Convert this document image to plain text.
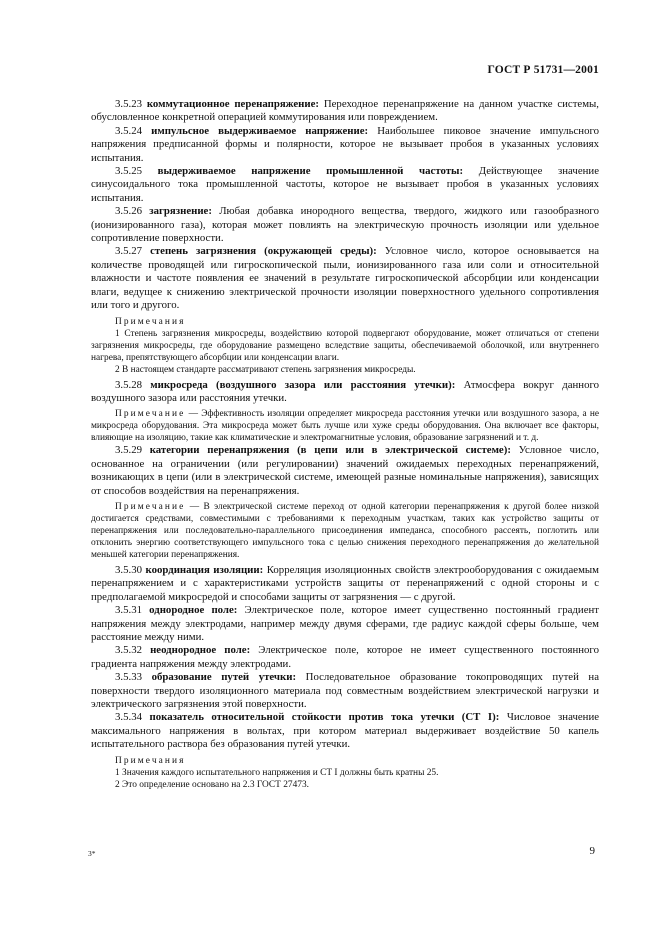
ГОСТ Р 51731—2001

3.5.23 коммутационное перенапряжение: Переходное перенапряжение на данном участке системы, обусловленное конкретной операцией коммутирования или повреждением.

3.5.24 импульсное выдерживаемое напряжение: Наибольшее пиковое значение импульсного напряжения предписанной формы и полярности, которое не вызывает пробоя в указанных условиях испытания.

3.5.25 выдерживаемое напряжение промышленной частоты: Действующее значение синусоидального тока промышленной частоты, которое не вызывает пробоя в указанных условиях испытания.

3.5.26 загрязнение: Любая добавка инородного вещества, твердого, жидкого или газообразного (ионизированного газа), которая может повлиять на электрическую прочность изоляции или удельное сопротивление поверхности.

3.5.27 степень загрязнения (окружающей среды): Условное число, которое основывается на количестве проводящей или гигроскопической пыли, ионизированного газа или соли и относительной влажности и частоте появления ее значений в результате гигроскопической абсорбции или конденсации влаги, ведущее к снижению электрической прочности изоляции поверхностного удельного сопротивления или того и другого.

Примечания

1 Степень загрязнения микросреды, воздействию которой подвергают оборудование, может отличаться от степени загрязнения микросреды, где оборудование размещено вследствие защиты, обеспечиваемой оболочкой, или внутреннего нагрева, препятствующего абсорбции или конденсации влаги.

2 В настоящем стандарте рассматривают степень загрязнения микросреды.

3.5.28 микросреда (воздушного зазора или расстояния утечки): Атмосфера вокруг данного воздушного зазора или расстояния утечки.

Примечание — Эффективность изоляции определяет микросреда расстояния утечки или воздушного зазора, а не микросреда оборудования. Эта микросреда может быть лучше или хуже среды оборудования. Она включает все факторы, влияющие на изоляцию, такие как климатические и электромагнитные условия, образование загрязнений и т. д.

3.5.29 категории перенапряжения (в цепи или в электрической системе): Условное число, основанное на ограничении (или регулировании) значений ожидаемых переходных перенапряжений, возникающих в цепи (или в электрической системе, имеющей разные номинальные напряжения), зависящих от способов воздействия на перенапряжения.

Примечание — В электрической системе переход от одной категории перенапряжения к другой более низкой достигается средствами, совместимыми с требованиями к переходным участкам, таких как устройство защиты от перенапряжения или последовательно-параллельного присоединения импеданса, способного рассеять, поглотить или отклонить энергию соответствующего импульсного тока с целью снижения переходного перенапряжения до желательной меньшей категории перенапряжения.

3.5.30 координация изоляции: Корреляция изоляционных свойств электрооборудования с ожидаемым перенапряжением и с характеристиками устройств защиты от перенапряжений с одной стороны и с предполагаемой микросредой и способами защиты от загрязнения — с другой.

3.5.31 однородное поле: Электрическое поле, которое имеет существенно постоянный градиент напряжения между электродами, например между двумя сферами, где радиус каждой сферы больше, чем расстояние между ними.

3.5.32 неоднородное поле: Электрическое поле, которое не имеет существенного постоянного градиента напряжения между электродами.

3.5.33 образование путей утечки: Последовательное образование токопроводящих путей на поверхности твердого изоляционного материала под совместным воздействием электрической нагрузки и электрического загрязнения этой поверхности.

3.5.34 показатель относительной стойкости против тока утечки (СТ I): Числовое значение максимального напряжения в вольтах, при котором материал выдерживает воздействие 50 капель испытательного раствора без образования путей утечки.

Примечания

1 Значения каждого испытательного напряжения и СТ I должны быть кратны 25.

2 Это определение основано на 2.3 ГОСТ 27473.

3*	9
